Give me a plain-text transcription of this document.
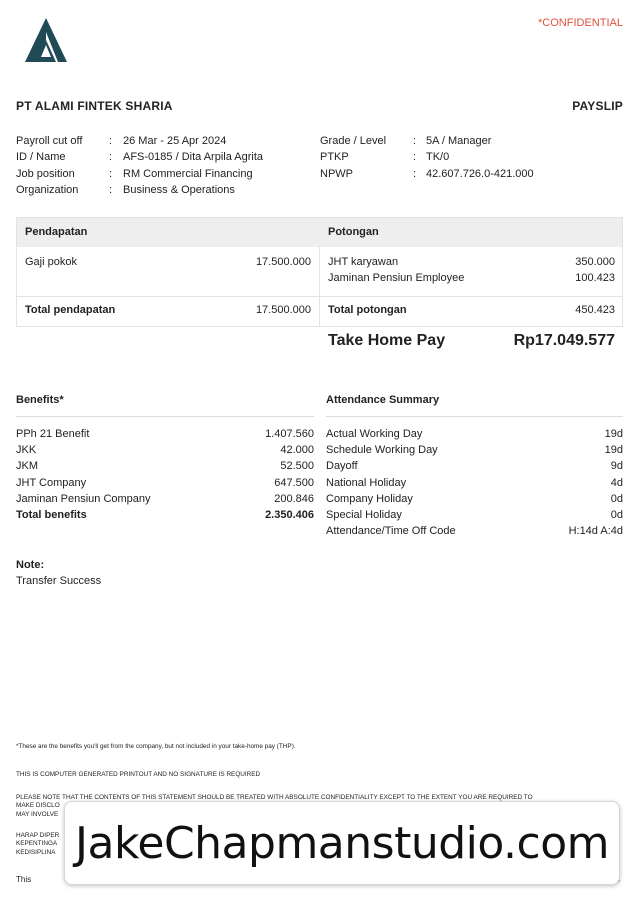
*CONFIDENTIAL
PT ALAMI FINTEK SHARIA	PAYSLIP
Payroll cut off	: 26 Mar - 25 Apr 2024
ID / Name	: AFS-0185 / Dita Arpila Agrita
Job position	: RM Commercial Financing
Organization	: Business & Operations
Grade / Level	: 5A / Manager
PTKP	: TK/0
NPWP	: 42.607.726.0-421.000
Pendapatan	Potongan
Gaji pokok	17.500.000 JHT karyawan	350.000
Jaminan Pensiun Employee	100.423
Total pendapatan	17.500.000 Total potongan	450.423
Take Home Pay	Rp17.049.577
Benefits*
PPh 21 Benefit	1.407.560
JKK	42.000
JKM	52.500
JHT Company	647.500
Jaminan Pensiun Company	200.846
Total benefits	2.350.406
Attendance Summary
Actual Working Day	19d
Schedule Working Day	19d
Dayoff	9d
National Holiday	4d
Company Holiday	0d
Special Holiday	0d
Attendance/Time Off Code	H:14d A:4d
Note:
Transfer Success
*These are the benefits you'll get from the company, but not included in your take-home pay (THP).
THIS IS COMPUTER GENERATED PRINTOUT AND NO SIGNATURE IS REQUIRED
PLEASE NOTE THAT THE CONTENTS OF THIS STATEMENT SHOULD BE TREATED WITH ABSOLUTE CONFIDENTIALITY EXCEPT TO THE EXTENT YOU ARE REQUIRED TO
MAKE DISCLO
MAY INVOLVE
HARAP DIPER
KEPENTINGA
KEDISIPLINA
This
JakeChapmanstudio.com
